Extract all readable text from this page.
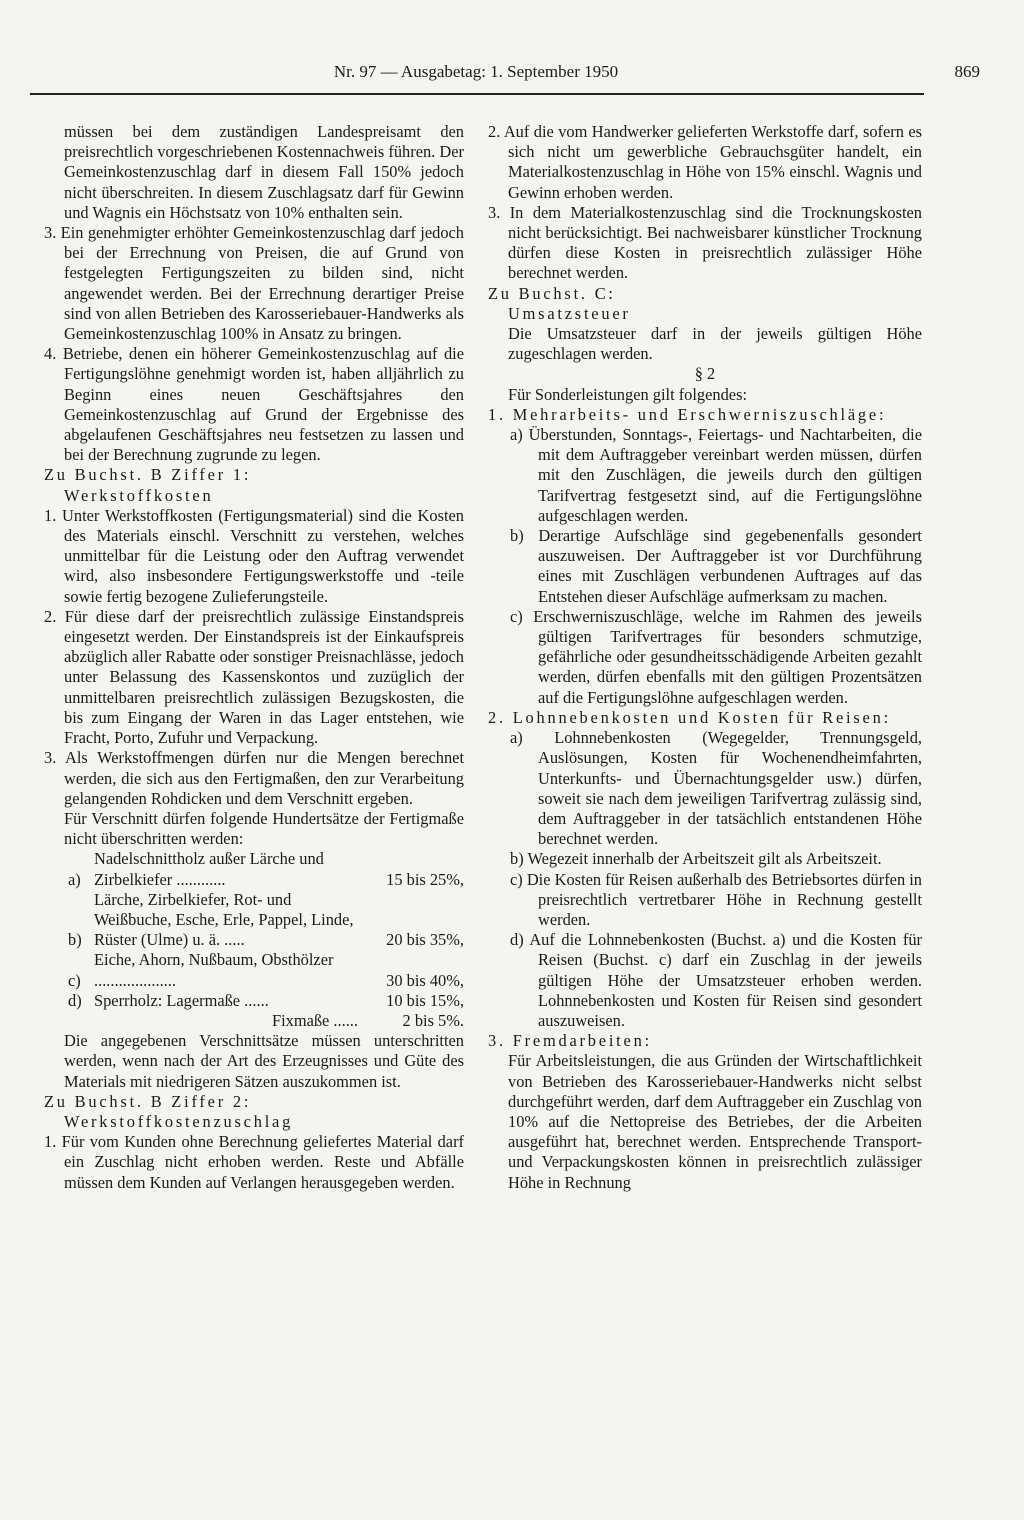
Nr. 97 — Ausgabetag: 1. September 1950	869

müssen bei dem zuständigen Landespreisamt den preisrechtlich vorgeschriebenen Kostennachweis führen. Der Gemeinkostenzuschlag darf in diesem Fall 150% jedoch nicht überschreiten. In diesem Zuschlagsatz darf für Gewinn und Wagnis ein Höchstsatz von 10% enthalten sein.

3. Ein genehmigter erhöhter Gemeinkostenzuschlag darf jedoch bei der Errechnung von Preisen, die auf Grund von festgelegten Fertigungszeiten zu bilden sind, nicht angewendet werden. Bei der Errechnung derartiger Preise sind von allen Betrieben des Karosseriebauer-Handwerks als Gemeinkostenzuschlag 100% in Ansatz zu bringen.

4. Betriebe, denen ein höherer Gemeinkostenzuschlag auf die Fertigungslöhne genehmigt worden ist, haben alljährlich zu Beginn eines neuen Geschäftsjahres den Gemeinkostenzuschlag auf Grund der Ergebnisse des abgelaufenen Geschäftsjahres neu festsetzen zu lassen und bei der Berechnung zugrunde zu legen.

Zu Buchst. B Ziffer 1:

Werkstoffkosten

1. Unter Werkstoffkosten (Fertigungsmaterial) sind die Kosten des Materials einschl. Verschnitt zu verstehen, welches unmittelbar für die Leistung oder den Auftrag verwendet wird, also insbesondere Fertigungswerkstoffe und -teile sowie fertig bezogene Zulieferungsteile.

2. Für diese darf der preisrechtlich zulässige Einstandspreis eingesetzt werden. Der Einstandspreis ist der Einkaufspreis abzüglich aller Rabatte oder sonstiger Preisnachlässe, jedoch unter Belassung des Kassenskontos und zuzüglich der unmittelbaren preisrechtlich zulässigen Bezugskosten, die bis zum Eingang der Waren in das Lager entstehen, wie Fracht, Porto, Zufuhr und Verpackung.

3. Als Werkstoffmengen dürfen nur die Mengen berechnet werden, die sich aus den Fertigmaßen, den zur Verarbeitung gelangenden Rohdicken und dem Verschnitt ergeben.

Für Verschnitt dürfen folgende Hundertsätze der Fertigmaße nicht überschritten werden:

a)	Nadelschnittholz außer Lärche und Zirbelkiefer ............	15 bis 25%,
b)	Lärche, Zirbelkiefer, Rot- und Weißbuche, Esche, Erle, Pappel, Linde, Rüster (Ulme) u. ä. .....	20 bis 35%,
c)	Eiche, Ahorn, Nußbaum, Obsthölzer ....................	30 bis 40%,
d)	Sperrholz: Lagermaße ......	10 bis 15%,
	Fixmaße ......	2 bis 5%.

Die angegebenen Verschnittsätze müssen unterschritten werden, wenn nach der Art des Erzeugnisses und Güte des Materials mit niedrigeren Sätzen auszukommen ist.

Zu Buchst. B Ziffer 2:

Werkstoffkostenzuschlag

1. Für vom Kunden ohne Berechnung geliefertes Material darf ein Zuschlag nicht erhoben werden. Reste und Abfälle müssen dem Kunden auf Verlangen herausgegeben werden.

2. Auf die vom Handwerker gelieferten Werkstoffe darf, sofern es sich nicht um gewerbliche Gebrauchsgüter handelt, ein Materialkostenzuschlag in Höhe von 15% einschl. Wagnis und Gewinn erhoben werden.

3. In dem Materialkostenzuschlag sind die Trocknungskosten nicht berücksichtigt. Bei nachweisbarer künstlicher Trocknung dürfen diese Kosten in preisrechtlich zulässiger Höhe berechnet werden.

Zu Buchst. C:

Umsatzsteuer

Die Umsatzsteuer darf in der jeweils gültigen Höhe zugeschlagen werden.

§ 2

Für Sonderleistungen gilt folgendes:

1. Mehrarbeits- und Erschwerniszuschläge:

a) Überstunden, Sonntags-, Feiertags- und Nachtarbeiten, die mit dem Auftraggeber vereinbart werden müssen, dürfen mit den Zuschlägen, die jeweils durch den gültigen Tarifvertrag festgesetzt sind, auf die Fertigungslöhne aufgeschlagen werden.

b) Derartige Aufschläge sind gegebenenfalls gesondert auszuweisen. Der Auftraggeber ist vor Durchführung eines mit Zuschlägen verbundenen Auftrages auf das Entstehen dieser Aufschläge aufmerksam zu machen.

c) Erschwerniszuschläge, welche im Rahmen des jeweils gültigen Tarifvertrages für besonders schmutzige, gefährliche oder gesundheitsschädigende Arbeiten gezahlt werden, dürfen ebenfalls mit den gültigen Prozentsätzen auf die Fertigungslöhne aufgeschlagen werden.

2. Lohnnebenkosten und Kosten für Reisen:

a) Lohnnebenkosten (Wegegelder, Trennungsgeld, Auslösungen, Kosten für Wochenendheimfahrten, Unterkunfts- und Übernachtungsgelder usw.) dürfen, soweit sie nach dem jeweiligen Tarifvertrag zulässig sind, dem Auftraggeber in der tatsächlich entstandenen Höhe berechnet werden.

b) Wegezeit innerhalb der Arbeitszeit gilt als Arbeitszeit.

c) Die Kosten für Reisen außerhalb des Betriebsortes dürfen in preisrechtlich vertretbarer Höhe in Rechnung gestellt werden.

d) Auf die Lohnnebenkosten (Buchst. a) und die Kosten für Reisen (Buchst. c) darf ein Zuschlag in der jeweils gültigen Höhe der Umsatzsteuer erhoben werden. Lohnnebenkosten und Kosten für Reisen sind gesondert auszuweisen.

3. Fremdarbeiten:

Für Arbeitsleistungen, die aus Gründen der Wirtschaftlichkeit von Betrieben des Karosseriebauer-Handwerks nicht selbst durchgeführt werden, darf dem Auftraggeber ein Zuschlag von 10% auf die Nettopreise des Betriebes, der die Arbeiten ausgeführt hat, berechnet werden. Entsprechende Transport- und Verpackungskosten können in preisrechtlich zulässiger Höhe in Rechnung
